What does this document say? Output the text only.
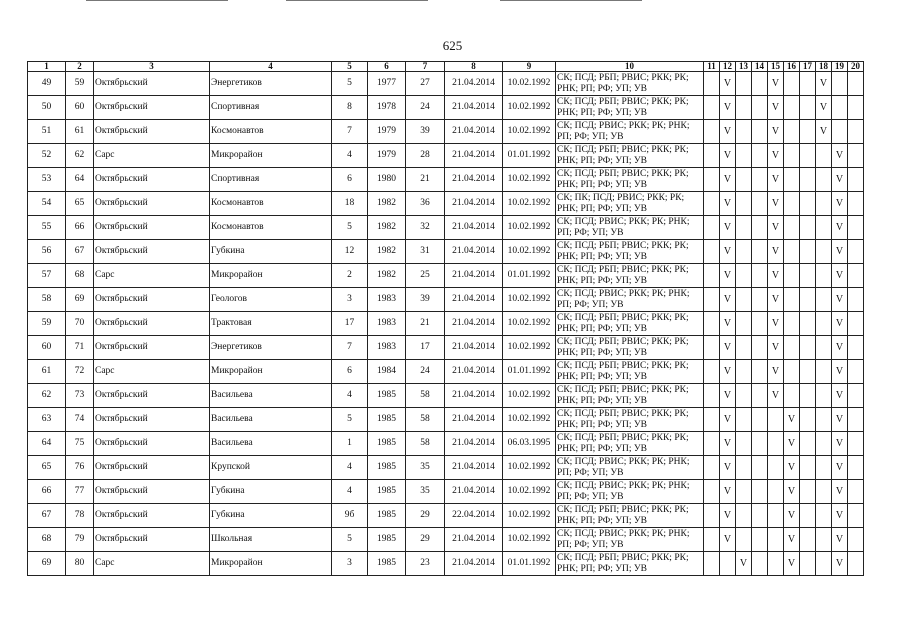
625
1	2	3	4	5	6	7	8	9	10	11	12	13	14	15	16	17	18	19	20
49	59	Октябрьский	Энергетиков	5	1977	27	21.04.2014	10.02.1992	СК; ПСД; РБП; РВИС; РКК; РК; РНК; РП; РФ; УП; УВ		V			V			V		
50	60	Октябрьский	Спортивная	8	1978	24	21.04.2014	10.02.1992	СК; ПСД; РБП; РВИС; РКК; РК; РНК; РП; РФ; УП; УВ		V			V			V		
51	61	Октябрьский	Космонавтов	7	1979	39	21.04.2014	10.02.1992	СК; ПСД; РВИС; РКК; РК; РНК; РП; РФ; УП; УВ		V			V			V		
52	62	Сарс	Микрорайон	4	1979	28	21.04.2014	01.01.1992	СК; ПСД; РБП; РВИС; РКК; РК; РНК; РП; РФ; УП; УВ		V			V				V	
53	64	Октябрьский	Спортивная	6	1980	21	21.04.2014	10.02.1992	СК; ПСД; РБП; РВИС; РКК; РК; РНК; РП; РФ; УП; УВ		V			V				V	
54	65	Октябрьский	Космонавтов	18	1982	36	21.04.2014	10.02.1992	СК; ПК; ПСД; РВИС; РКК; РК; РНК; РП; РФ; УП; УВ		V			V				V	
55	66	Октябрьский	Космонавтов	5	1982	32	21.04.2014	10.02.1992	СК; ПСД; РВИС; РКК; РК; РНК; РП; РФ; УП; УВ		V			V				V	
56	67	Октябрьский	Губкина	12	1982	31	21.04.2014	10.02.1992	СК; ПСД; РБП; РВИС; РКК; РК; РНК; РП; РФ; УП; УВ		V			V				V	
57	68	Сарс	Микрорайон	2	1982	25	21.04.2014	01.01.1992	СК; ПСД; РБП; РВИС; РКК; РК; РНК; РП; РФ; УП; УВ		V			V				V	
58	69	Октябрьский	Геологов	3	1983	39	21.04.2014	10.02.1992	СК; ПСД; РВИС; РКК; РК; РНК; РП; РФ; УП; УВ		V			V				V	
59	70	Октябрьский	Трактовая	17	1983	21	21.04.2014	10.02.1992	СК; ПСД; РБП; РВИС; РКК; РК; РНК; РП; РФ; УП; УВ		V			V				V	
60	71	Октябрьский	Энергетиков	7	1983	17	21.04.2014	10.02.1992	СК; ПСД; РБП; РВИС; РКК; РК; РНК; РП; РФ; УП; УВ		V			V				V	
61	72	Сарс	Микрорайон	6	1984	24	21.04.2014	01.01.1992	СК; ПСД; РБП; РВИС; РКК; РК; РНК; РП; РФ; УП; УВ		V			V				V	
62	73	Октябрьский	Васильева	4	1985	58	21.04.2014	10.02.1992	СК; ПСД; РБП; РВИС; РКК; РК; РНК; РП; РФ; УП; УВ		V			V				V	
63	74	Октябрьский	Васильева	5	1985	58	21.04.2014	10.02.1992	СК; ПСД; РБП; РВИС; РКК; РК; РНК; РП; РФ; УП; УВ		V				V			V	
64	75	Октябрьский	Васильева	1	1985	58	21.04.2014	06.03.1995	СК; ПСД; РБП; РВИС; РКК; РК; РНК; РП; РФ; УП; УВ		V				V			V	
65	76	Октябрьский	Крупской	4	1985	35	21.04.2014	10.02.1992	СК; ПСД; РВИС; РКК; РК; РНК; РП; РФ; УП; УВ		V				V			V	
66	77	Октябрьский	Губкина	4	1985	35	21.04.2014	10.02.1992	СК; ПСД; РВИС; РКК; РК; РНК; РП; РФ; УП; УВ		V				V			V	
67	78	Октябрьский	Губкина	9б	1985	29	22.04.2014	10.02.1992	СК; ПСД; РБП; РВИС; РКК; РК; РНК; РП; РФ; УП; УВ		V				V			V	
68	79	Октябрьский	Школьная	5	1985	29	21.04.2014	10.02.1992	СК; ПСД; РВИС; РКК; РК; РНК; РП; РФ; УП; УВ		V				V			V	
69	80	Сарс	Микрорайон	3	1985	23	21.04.2014	01.01.1992	СК; ПСД; РБП; РВИС; РКК; РК; РНК; РП; РФ; УП; УВ			V			V			V	
